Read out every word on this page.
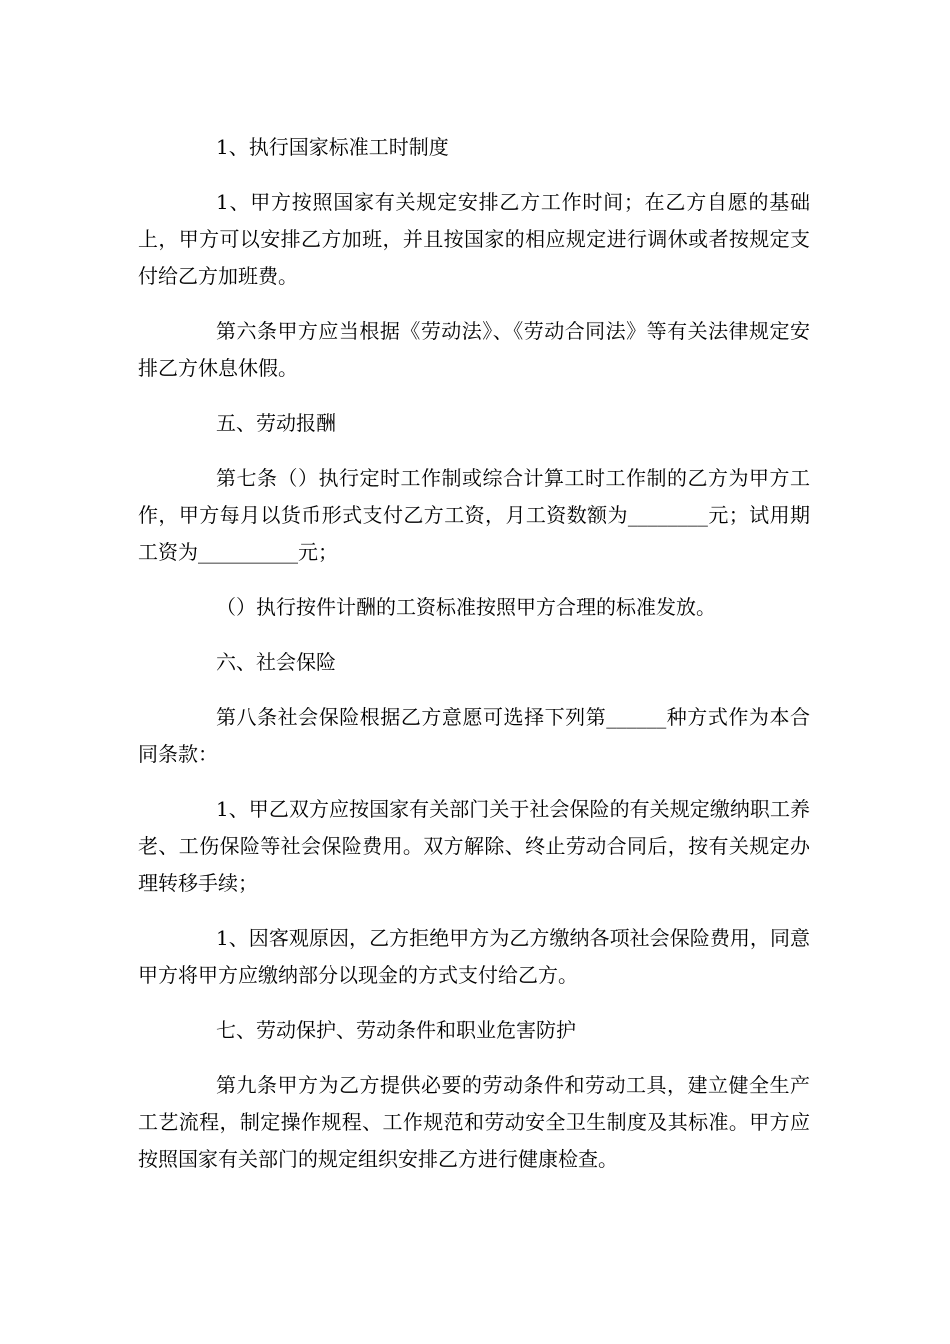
1、执行国家标准工时制度

1、甲方按照国家有关规定安排乙方工作时间；在乙方自愿的基础上，甲方可以安排乙方加班，并且按国家的相应规定进行调休或者按规定支付给乙方加班费。

第六条甲方应当根据《劳动法》、《劳动合同法》等有关法律规定安排乙方休息休假。

五、劳动报酬

第七条（）执行定时工作制或综合计算工时工作制的乙方为甲方工作，甲方每月以货币形式支付乙方工资，月工资数额为________元；试用期工资为__________元；

（）执行按件计酬的工资标准按照甲方合理的标准发放。

六、社会保险

第八条社会保险根据乙方意愿可选择下列第______种方式作为本合同条款：

1、甲乙双方应按国家有关部门关于社会保险的有关规定缴纳职工养老、工伤保险等社会保险费用。双方解除、终止劳动合同后，按有关规定办理转移手续；

1、因客观原因，乙方拒绝甲方为乙方缴纳各项社会保险费用，同意甲方将甲方应缴纳部分以现金的方式支付给乙方。

七、劳动保护、劳动条件和职业危害防护

第九条甲方为乙方提供必要的劳动条件和劳动工具，建立健全生产工艺流程，制定操作规程、工作规范和劳动安全卫生制度及其标准。甲方应按照国家有关部门的规定组织安排乙方进行健康检查。
